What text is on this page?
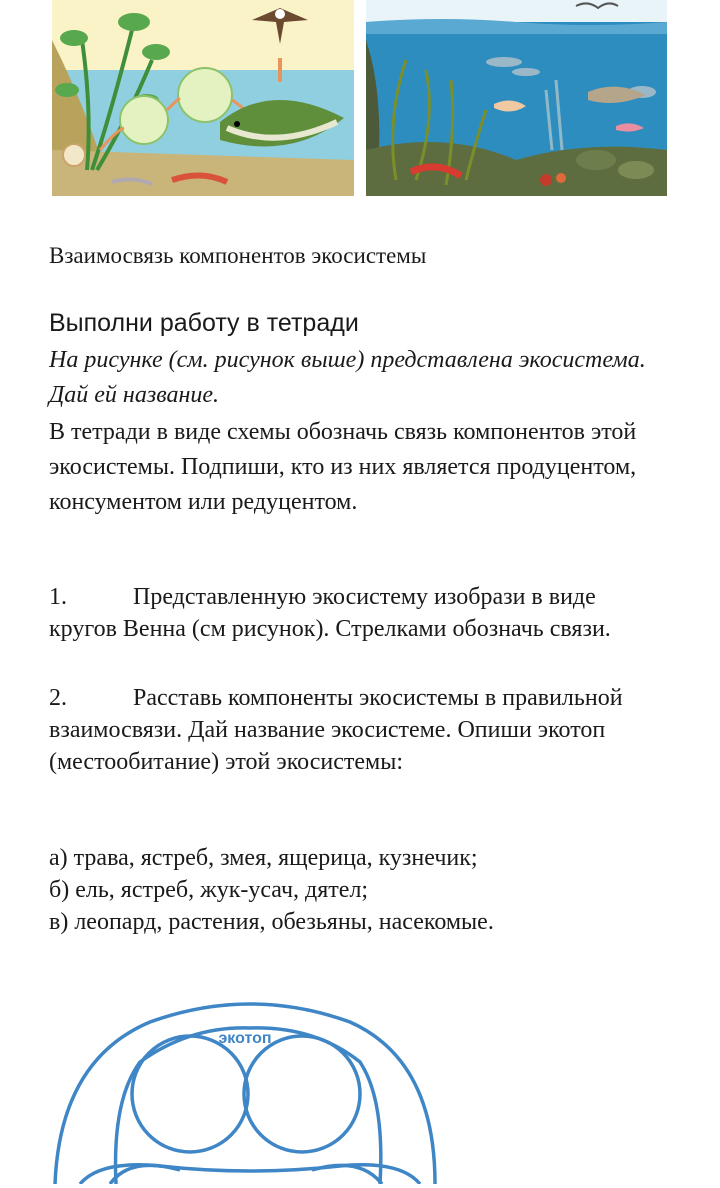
Взаимосвязь компонентов экосистемы
Выполни работу в тетради
На рисунке (см. рисунок выше) представлена экосистема. Дай ей название.
В тетради в виде схемы обозначь связь компонентов этой экосистемы. Подпиши, кто из них является продуцентом, консументом или редуцентом.
1.	Представленную экосистему изобрази в виде кругов Венна (см рисунок). Стрелками обозначь связи.
2.	Расставь компоненты экосистемы в правильной взаимосвязи. Дай название экосистеме. Опиши экотоп (местообитание) этой экосистемы:
а) трава, ястреб, змея, ящерица, кузнечик;
б) ель, ястреб, жук-усач, дятел;
в) леопард, растения, обезьяны, насекомые.
экотоп
